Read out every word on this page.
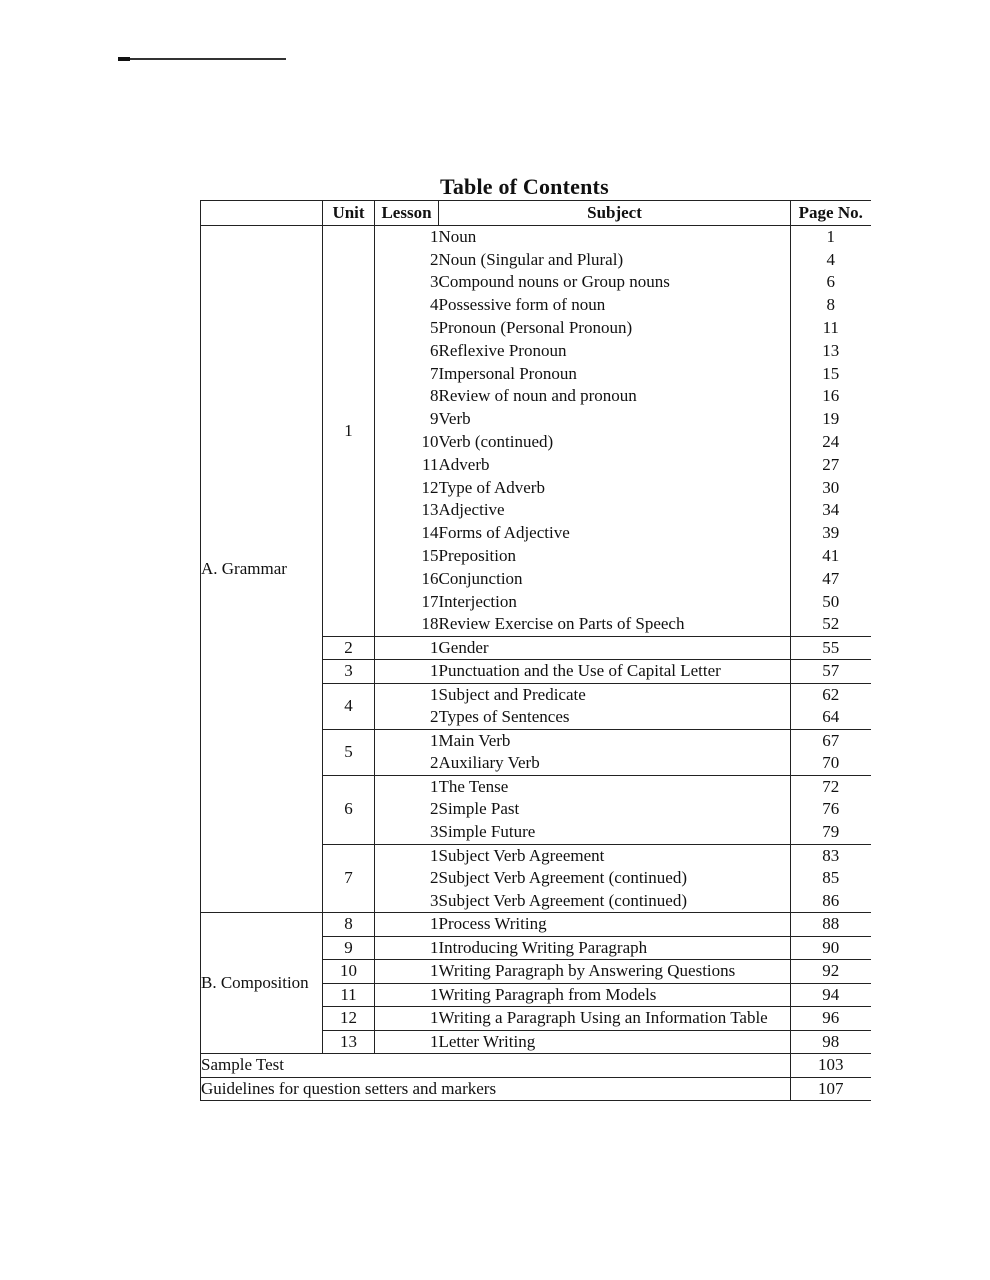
Table of Contents
	Unit	Lesson	Subject	Page No.
A. Grammar	1	1	Noun	1
		2	Noun (Singular and Plural)	4
		3	Compound nouns or Group nouns	6
		4	Possessive form of noun	8
		5	Pronoun (Personal Pronoun)	11
		6	Reflexive Pronoun	13
		7	Impersonal Pronoun	15
		8	Review of noun and pronoun	16
		9	Verb	19
		10	Verb (continued)	24
		11	Adverb	27
		12	Type of Adverb	30
		13	Adjective	34
		14	Forms of Adjective	39
		15	Preposition	41
		16	Conjunction	47
		17	Interjection	50
		18	Review Exercise on Parts of Speech	52
	2	1	Gender	55
	3	1	Punctuation and the Use of Capital Letter	57
	4	1	Subject and Predicate	62
		2	Types of Sentences	64
	5	1	Main Verb	67
		2	Auxiliary Verb	70
	6	1	The Tense	72
		2	Simple Past	76
		3	Simple Future	79
	7	1	Subject Verb Agreement	83
		2	Subject Verb Agreement (continued)	85
		3	Subject Verb Agreement (continued)	86
B. Composition	8	1	Process Writing	88
	9	1	Introducing Writing Paragraph	90
	10	1	Writing Paragraph by Answering Questions	92
	11	1	Writing Paragraph from Models	94
	12	1	Writing a Paragraph Using an Information Table	96
	13	1	Letter Writing	98
Sample Test				103
Guidelines for question setters and markers				107
